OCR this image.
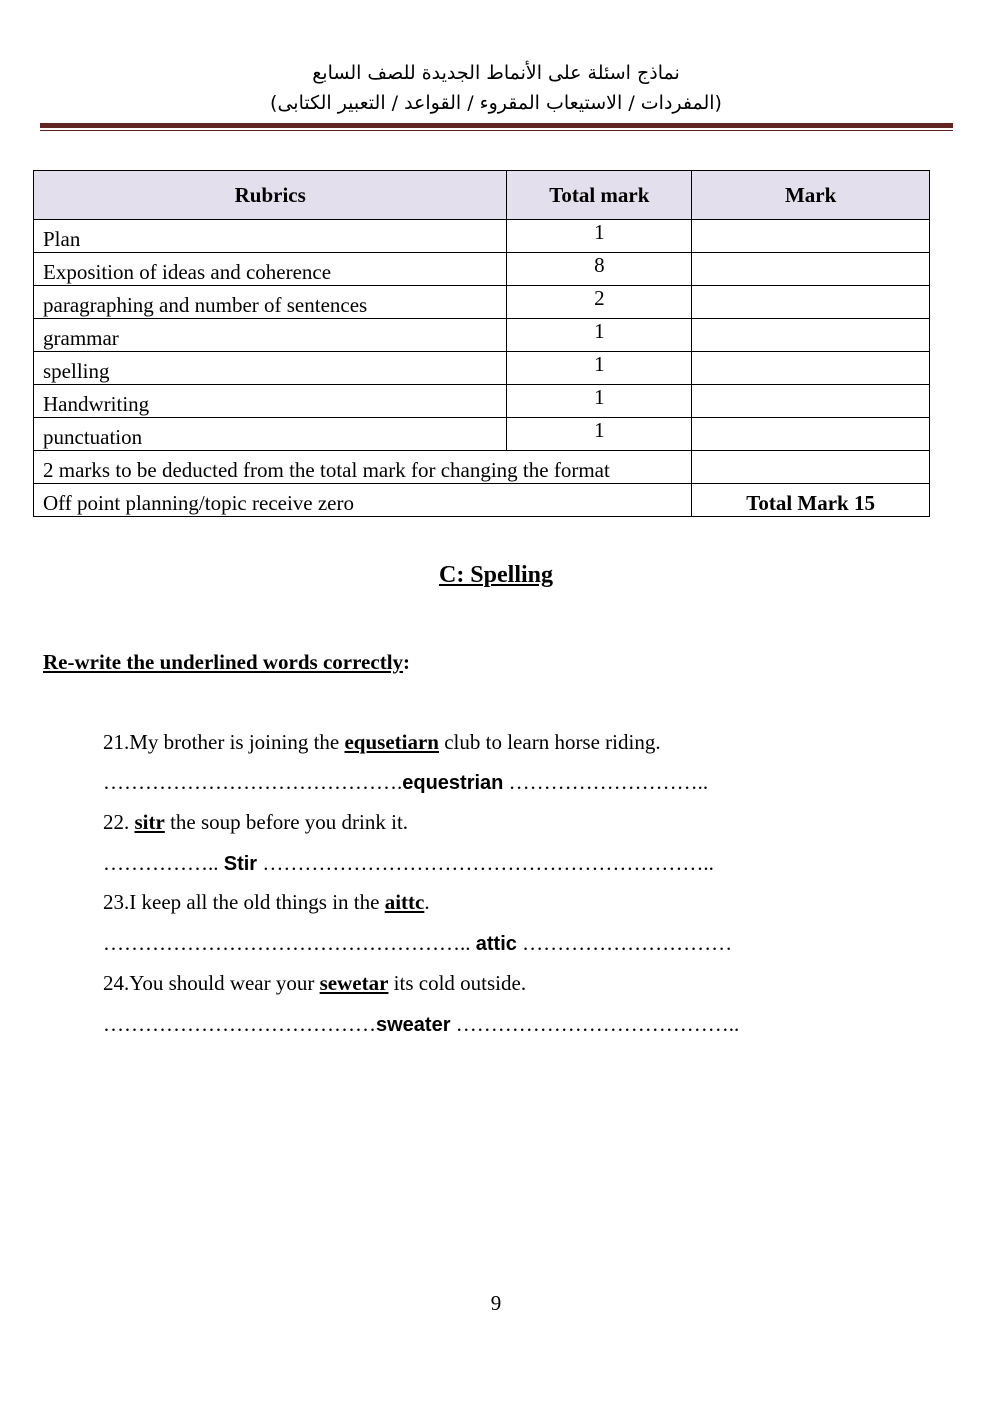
نماذج اسئلة على الأنماط الجديدة للصف السابع
(المفردات / الاستيعاب المقروء / القواعد / التعبير الكتابى)
Rubrics	Total mark	Mark
Plan	1	
Exposition of ideas and coherence	8	
paragraphing and number of sentences	2	
grammar	1	
spelling	1	
Handwriting	1	
punctuation	1	
2 marks to be deducted from the total mark for changing the format		
Off point planning/topic receive zero		Total Mark 15
C: Spelling
Re-write the underlined words correctly:
21.My brother is joining the equsetiarn club to learn horse riding.
…………………………………….equestrian ………………………..
22. sitr the soup before you drink it.
…………….. Stir ………………………………………………………..
23.I keep all the old things in the aittc.
…………………………………………….. attic …………………………
24.You should wear your sewetar its cold outside.
…………………………………sweater …………………………………..
9
